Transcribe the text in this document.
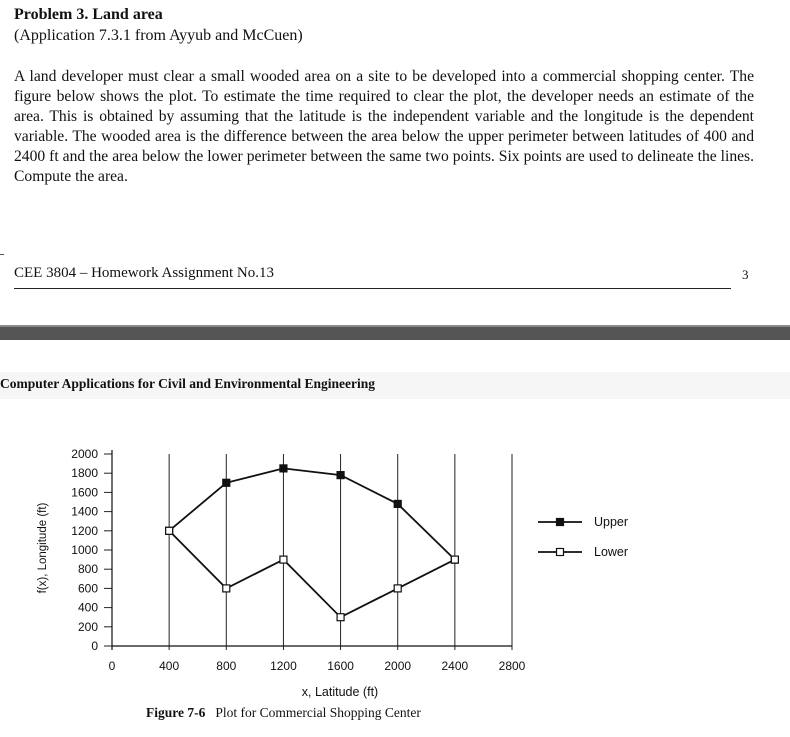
Problem 3. Land area
(Application 7.3.1 from Ayyub and McCuen)

A land developer must clear a small wooded area on a site to be developed into a commercial shopping center. The figure below shows the plot. To estimate the time required to clear the plot, the developer needs an estimate of the area. This is obtained by assuming that the latitude is the independent variable and the longitude is the dependent variable. The wooded area is the difference between the area below the upper perimeter between latitudes of 400 and 2400 ft and the area below the lower perimeter between the same two points. Six points are used to delineate the lines. Compute the area.

CEE 3804 – Homework Assignment No.13	3
Computer Applications for Civil and Environmental Engineering
0	400	800	1200	1600	2000	2400	2800
0
200
400
600
800
1000
1200
1400
1600
1800
2000
Upper
Lower
x, Latitude (ft)
f(x), Longitude (ft)
Figure 7-6 Plot for Commercial Shopping Center
